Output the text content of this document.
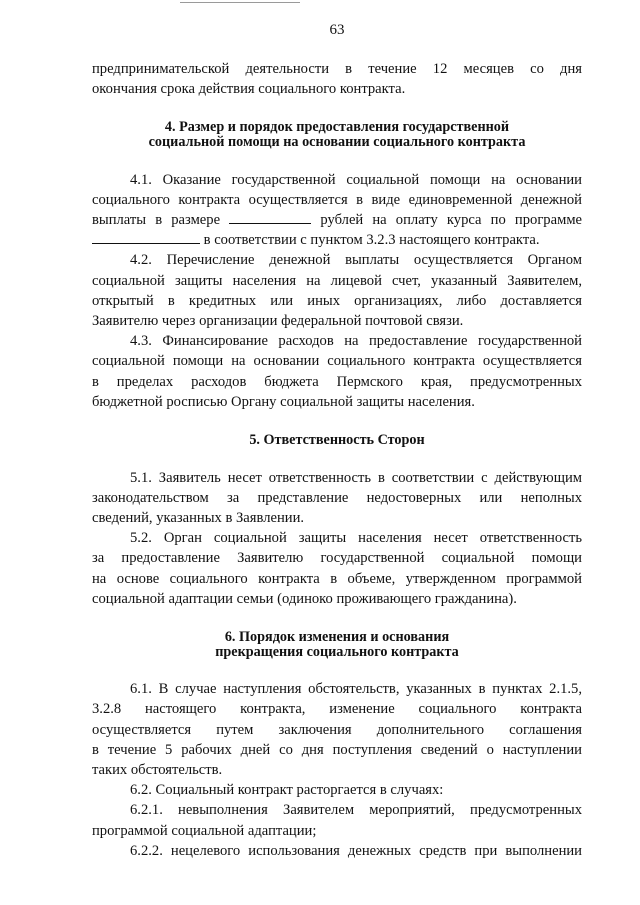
63

предпринимательской деятельности в течение 12 месяцев со дня
окончания срока действия социального контракта.

4. Размер и порядок предоставления государственной
социальной помощи на основании социального контракта

4.1. Оказание государственной социальной помощи на основании
социального контракта осуществляется в виде единовременной денежной
выплаты в размере	рублей на оплату курса по программе
в соответствии с пунктом 3.2.3 настоящего контракта.

4.2. Перечисление денежной выплаты осуществляется Органом
социальной защиты населения на лицевой счет, указанный Заявителем,
открытый в кредитных или иных организациях, либо доставляется
Заявителю через организации федеральной почтовой связи.

4.3. Финансирование расходов на предоставление государственной
социальной помощи на основании социального контракта осуществляется
в пределах расходов бюджета Пермского края, предусмотренных
бюджетной росписью Органу социальной защиты населения.

5. Ответственность Сторон

5.1. Заявитель несет ответственность в соответствии с действующим
законодательством за представление недостоверных или неполных
сведений, указанных в Заявлении.

5.2. Орган социальной защиты населения несет ответственность
за предоставление Заявителю государственной социальной помощи
на основе социального контракта в объеме, утвержденном программой
социальной адаптации семьи (одиноко проживающего гражданина).

6. Порядок изменения и основания
прекращения социального контракта

6.1. В случае наступления обстоятельств, указанных в пунктах 2.1.5,
3.2.8 настоящего контракта, изменение социального контракта
осуществляется путем заключения дополнительного соглашения
в течение 5 рабочих дней со дня поступления сведений о наступлении
таких обстоятельств.

6.2. Социальный контракт расторгается в случаях:

6.2.1. невыполнения Заявителем мероприятий, предусмотренных
программой социальной адаптации;

6.2.2. нецелевого использования денежных средств при выполнении
